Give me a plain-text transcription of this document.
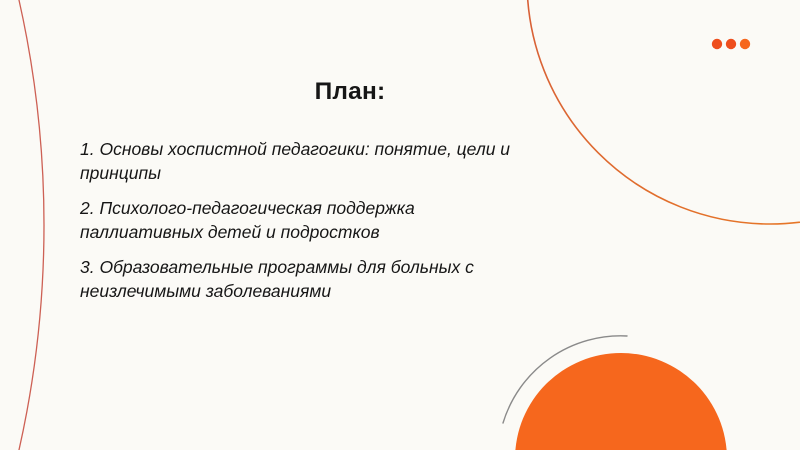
План:

1. Основы хоспистной педагогики: понятие, цели и принципы

2. Психолого-педагогическая поддержка паллиативных детей и подростков

3. Образовательные программы для больных с неизлечимыми заболеваниями
